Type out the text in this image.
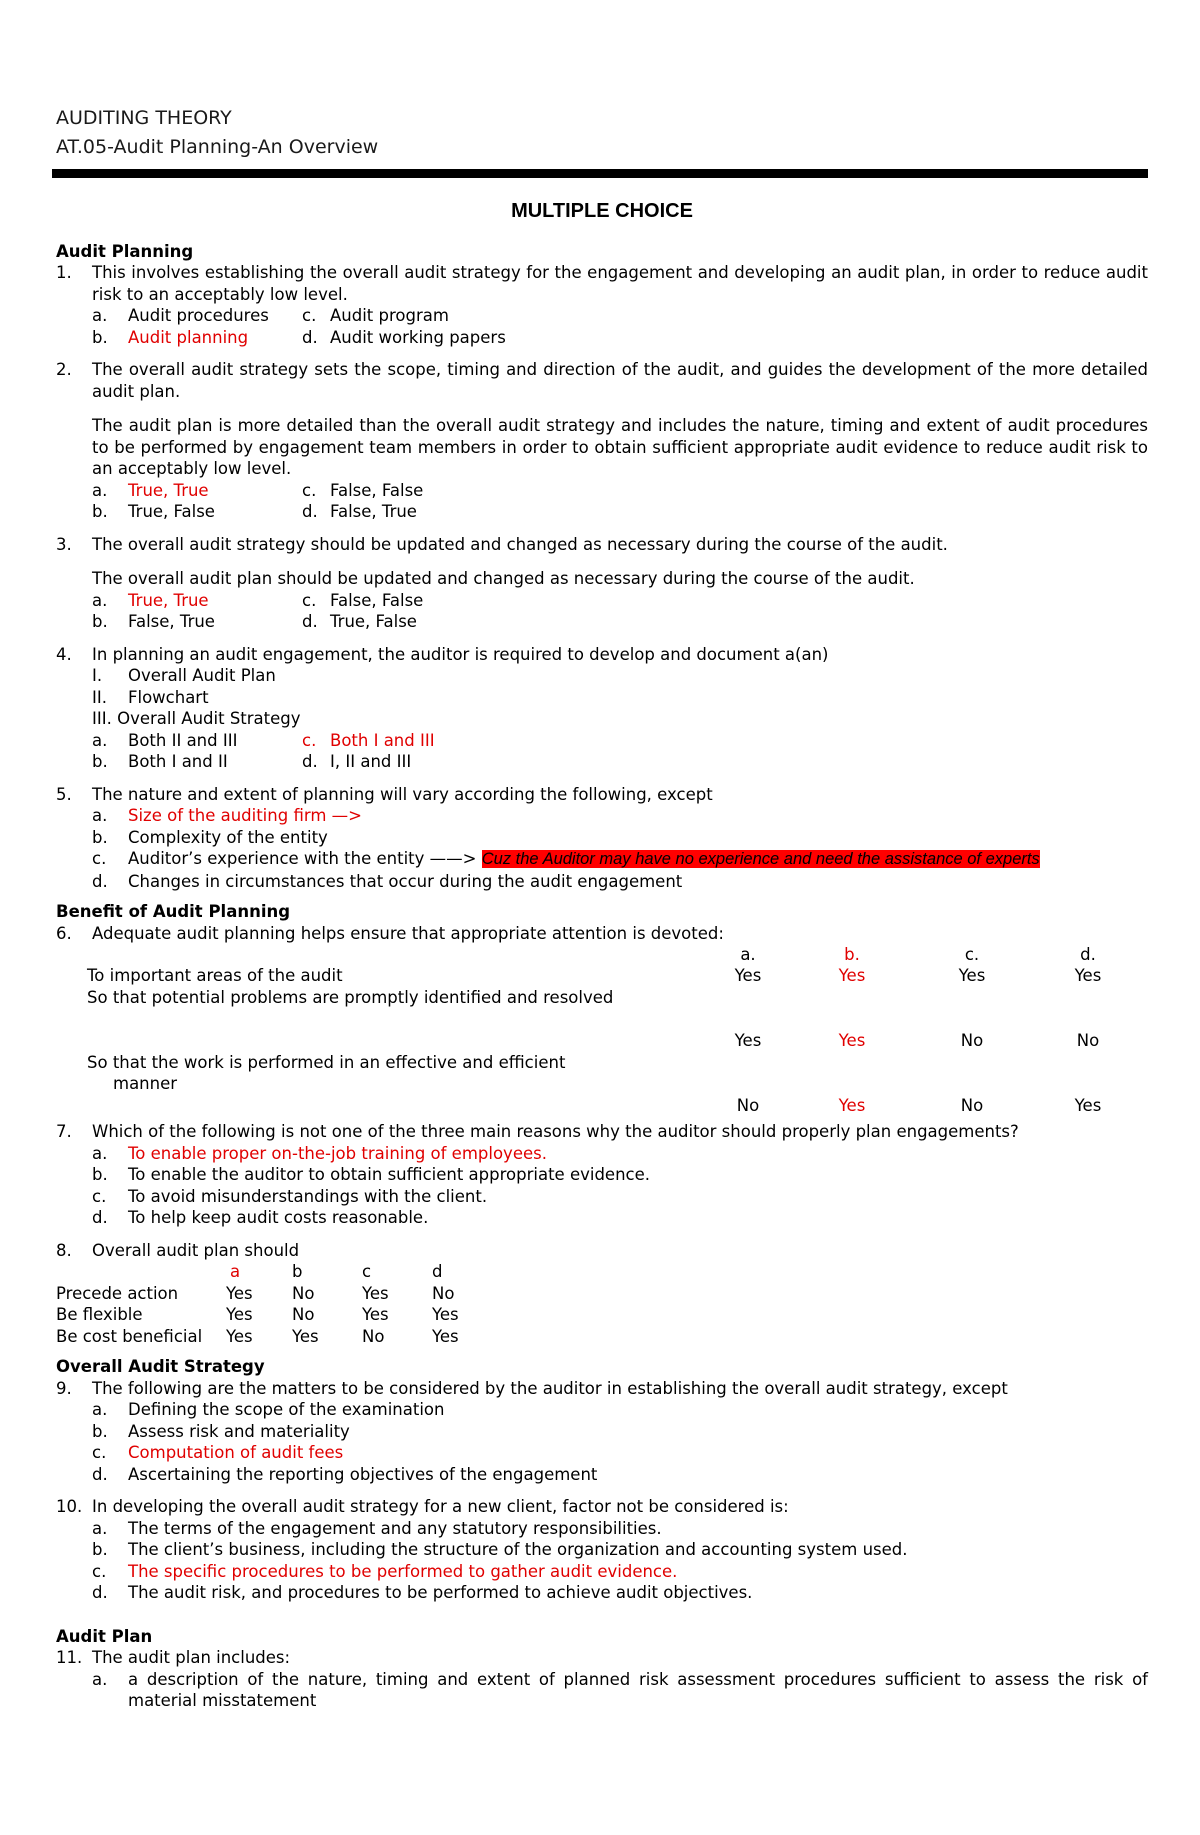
AUDITING THEORY
AT.05-Audit Planning-An Overview
MULTIPLE CHOICE
Audit Planning
1.	This involves establishing the overall audit strategy for the engagement and developing an audit plan, in order to reduce audit risk to an acceptably low level.

a.	Audit procedures c. Audit program
b.	Audit planning	d. Audit working papers
2.	The overall audit strategy sets the scope, timing and direction of the audit, and guides the development of the more detailed audit plan.

The audit plan is more detailed than the overall audit strategy and includes the nature, timing and extent of audit procedures to be performed by engagement team members in order to obtain sufficient appropriate audit evidence to reduce audit risk to an acceptably low level.

a.	True, True	c. False, False
b.	True, False	d. False, True
3.	The overall audit strategy should be updated and changed as necessary during the course of the audit.

The overall audit plan should be updated and changed as necessary during the course of the audit.

a.	True, True	c. False, False
b.	False, True	d. True, False
4.	In planning an audit engagement, the auditor is required to develop and document a(an)

I.	Overall Audit Plan
II.	Flowchart
III.
Overall Audit Strategy
a.	Both II and III	c. Both I and III
b.	Both I and II	d. I, II and III
5.	The nature and extent of planning will vary according the following, except

a.	Size of the auditing firm —>
b.	Complexity of the entity
c.	Auditor’s experience with the entity ——> Cuz the Auditor may have no experience and need the assistance of experts
d.	Changes in circumstances that occur during the audit engagement
Benefit of Audit Planning
6.	Adequate audit planning helps ensure that appropriate attention is devoted:

a.	b.	c.	d.
To important areas of the audit	Yes	Yes	Yes	Yes
So that potential problems are promptly identified and resolved
Yes	Yes	No	No
So that the work is performed in an effective and efficient
manner
No	Yes	No	Yes
7.	Which of the following is not one of the three main reasons why the auditor should properly plan engagements?

a.	To enable proper on-the-job training of employees.
b.	To enable the auditor to obtain sufficient appropriate evidence.
c.	To avoid misunderstandings with the client.
d.	To help keep audit costs reasonable.
8.	Overall audit plan should

a	b	c	d
Precede action	Yes	No	Yes	No
Be flexible	Yes	No	Yes	Yes
Be cost beneficial	Yes	Yes	No	Yes
Overall Audit Strategy
9.	The following are the matters to be considered by the auditor in establishing the overall audit strategy, except

a.	Defining the scope of the examination
b.	Assess risk and materiality
c.	Computation of audit fees
d.	Ascertaining the reporting objectives of the engagement
10. In developing the overall audit strategy for a new client, factor not be considered is:

a.	The terms of the engagement and any statutory responsibilities.
b.	The client’s business, including the structure of the organization and accounting system used.
c.	The specific procedures to be performed to gather audit evidence.
d.	The audit risk, and procedures to be performed to achieve audit objectives.
Audit Plan
11. The audit plan includes:

a.	a description of the nature, timing and extent of planned risk assessment procedures sufficient to assess the risk of material misstatement
